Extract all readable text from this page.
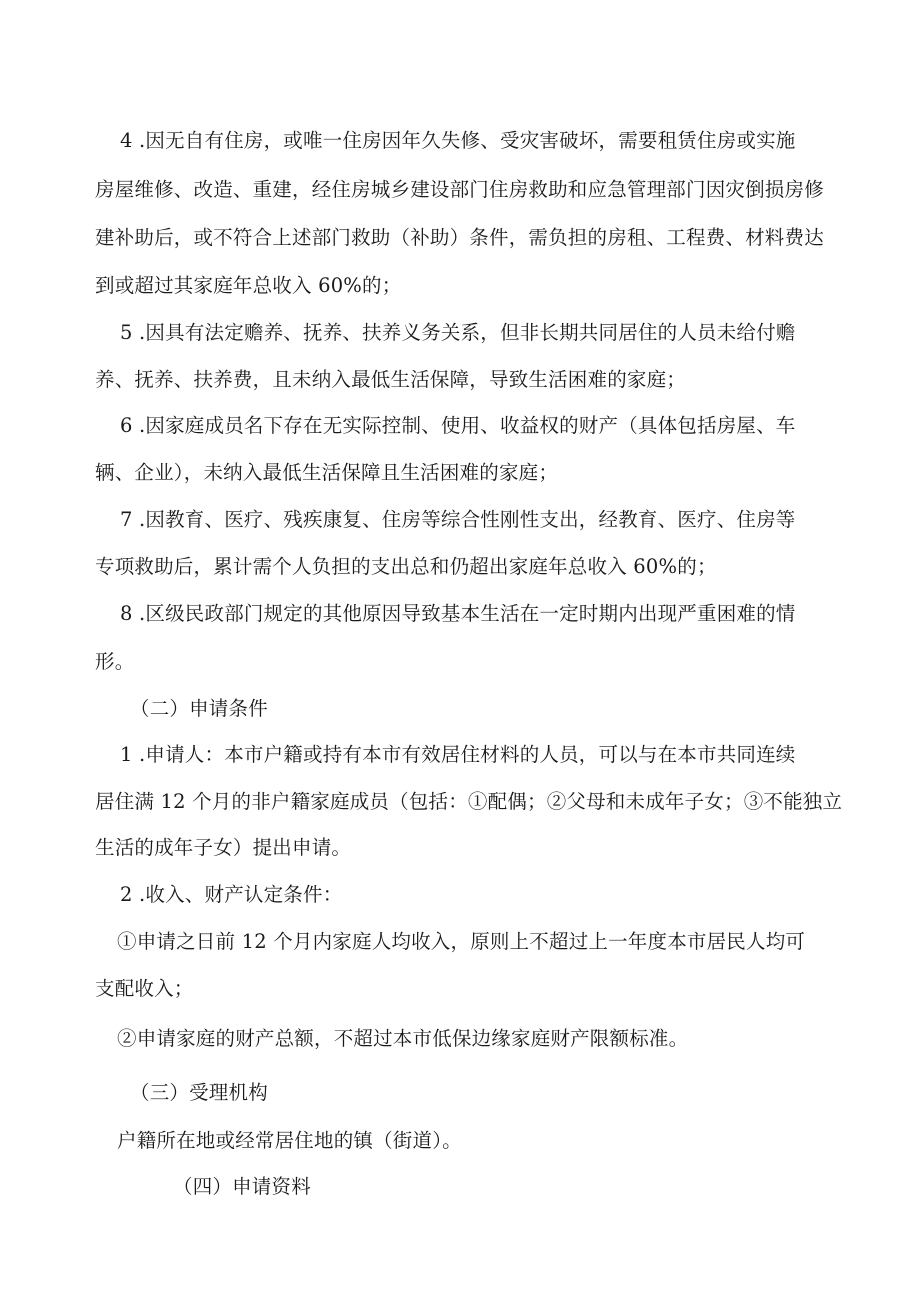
4 .因无自有住房，或唯一住房因年久失修、受灾害破坏，需要租赁住房或实施
房屋维修、改造、重建，经住房城乡建设部门住房救助和应急管理部门因灾倒损房修
建补助后，或不符合上述部门救助（补助）条件，需负担的房租、工程费、材料费达
到或超过其家庭年总收入 60%的；
5 .因具有法定赡养、抚养、扶养义务关系，但非长期共同居住的人员未给付赡
养、抚养、扶养费，且未纳入最低生活保障，导致生活困难的家庭；
6 .因家庭成员名下存在无实际控制、使用、收益权的财产（具体包括房屋、车
辆、企业），未纳入最低生活保障且生活困难的家庭；
7 .因教育、医疗、残疾康复、住房等综合性刚性支出，经教育、医疗、住房等
专项救助后，累计需个人负担的支出总和仍超出家庭年总收入 60%的；
8 .区级民政部门规定的其他原因导致基本生活在一定时期内出现严重困难的情
形。
（二）申请条件
1 .申请人：本市户籍或持有本市有效居住材料的人员，可以与在本市共同连续
居住满 12 个月的非户籍家庭成员（包括：①配偶；②父母和未成年子女；③不能独立
生活的成年子女）提出申请。
2 .收入、财产认定条件：
①申请之日前 12 个月内家庭人均收入，原则上不超过上一年度本市居民人均可
支配收入；
②申请家庭的财产总额，不超过本市低保边缘家庭财产限额标准。
（三）受理机构
户籍所在地或经常居住地的镇（街道）。
（四）申请资料
